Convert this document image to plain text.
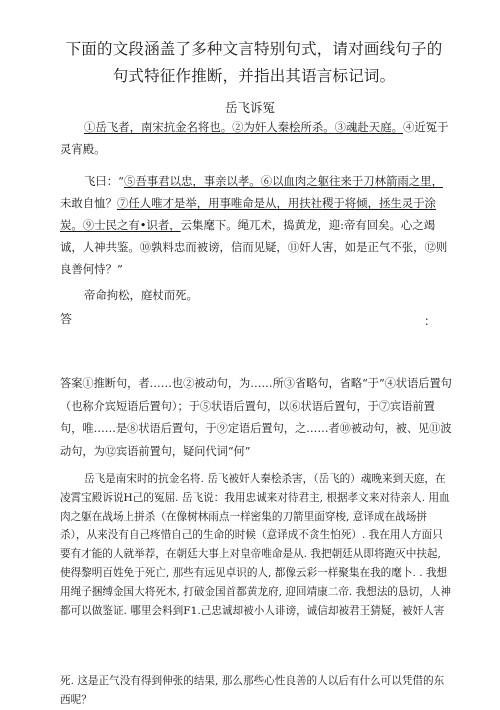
下面的文段涵盖了多种文言特别句式，请对画线句子的句式特征作推断，并指出其语言标记词。
岳飞诉冤
①岳飞者，南宋抗金名将也。②为奸人秦桧所杀。③魂赴天庭。④近冤于灵宵殿。
飞曰：“⑤吾事君以忠，事亲以孝。⑥以血肉之躯往来于刀林箭雨之里，未敢自恤？⑦任人唯才是举，用事唯命是从，用扶社稷于将倾，拯生灵于涂炭。⑨士民之有•识者，云集麾下。绳兀术，捣黄龙，迎:帝有回矣。心之竭诚，人神共鉴。⑩孰料忠而被谤，信而见疑，⑪奸人害，如是正气不张，⑫则良善何恃？”
帝命拘松，庭杖而死。
答	：
答案①推断句，者……也②被动句，为……所③省略句，省略“于”④状语后置句（也称介宾短语后置句）；于⑤状语后置句，以⑥状语后置句，于⑦宾语前置句，唯……是⑧状语后置句，于⑨定语后置句，之……者⑩被动句，被、见⑪波动句，为⑫宾语前置句，疑问代词“何”
岳飞是南宋时的抗金名将. 岳飞被奸人秦桧杀害，（岳飞的）魂晚来到天庭，在凌霄宝殿诉说H己的冤屈. 岳飞说：我用忠诚来对待君主, 根据孝文来对待亲人. 用血肉之躯在战场上拼杀（在像树林雨点一样密集的刀箭里面穿梭, 意译成在战场拼杀），从来没有自己疼惜自己的生命的时候（意译成不贪生怕死）. 我在用人方面只要有才能的人就举荐，在朝廷大事上对皇帝唯命是从. 我把朝廷从即将跑灭中扶起, 使得黎明百姓免于死亡, 那些有远见卓识的人, 都像云彩一样聚集在我的麾卜. . 我想用绳子捆缚金国大将死木, 打破金国首都黄龙府, 迎回靖康二帝. 我想法的恳切，人神都可以做鉴证. 哪里会料到F1.己忠诚却被小人诽谤，诚信却被君王猜疑，被奸人害
死. 这是正气没有得到伸张的结果, 那么那些心性良善的人以后有什么可以凭借的东西呢？
